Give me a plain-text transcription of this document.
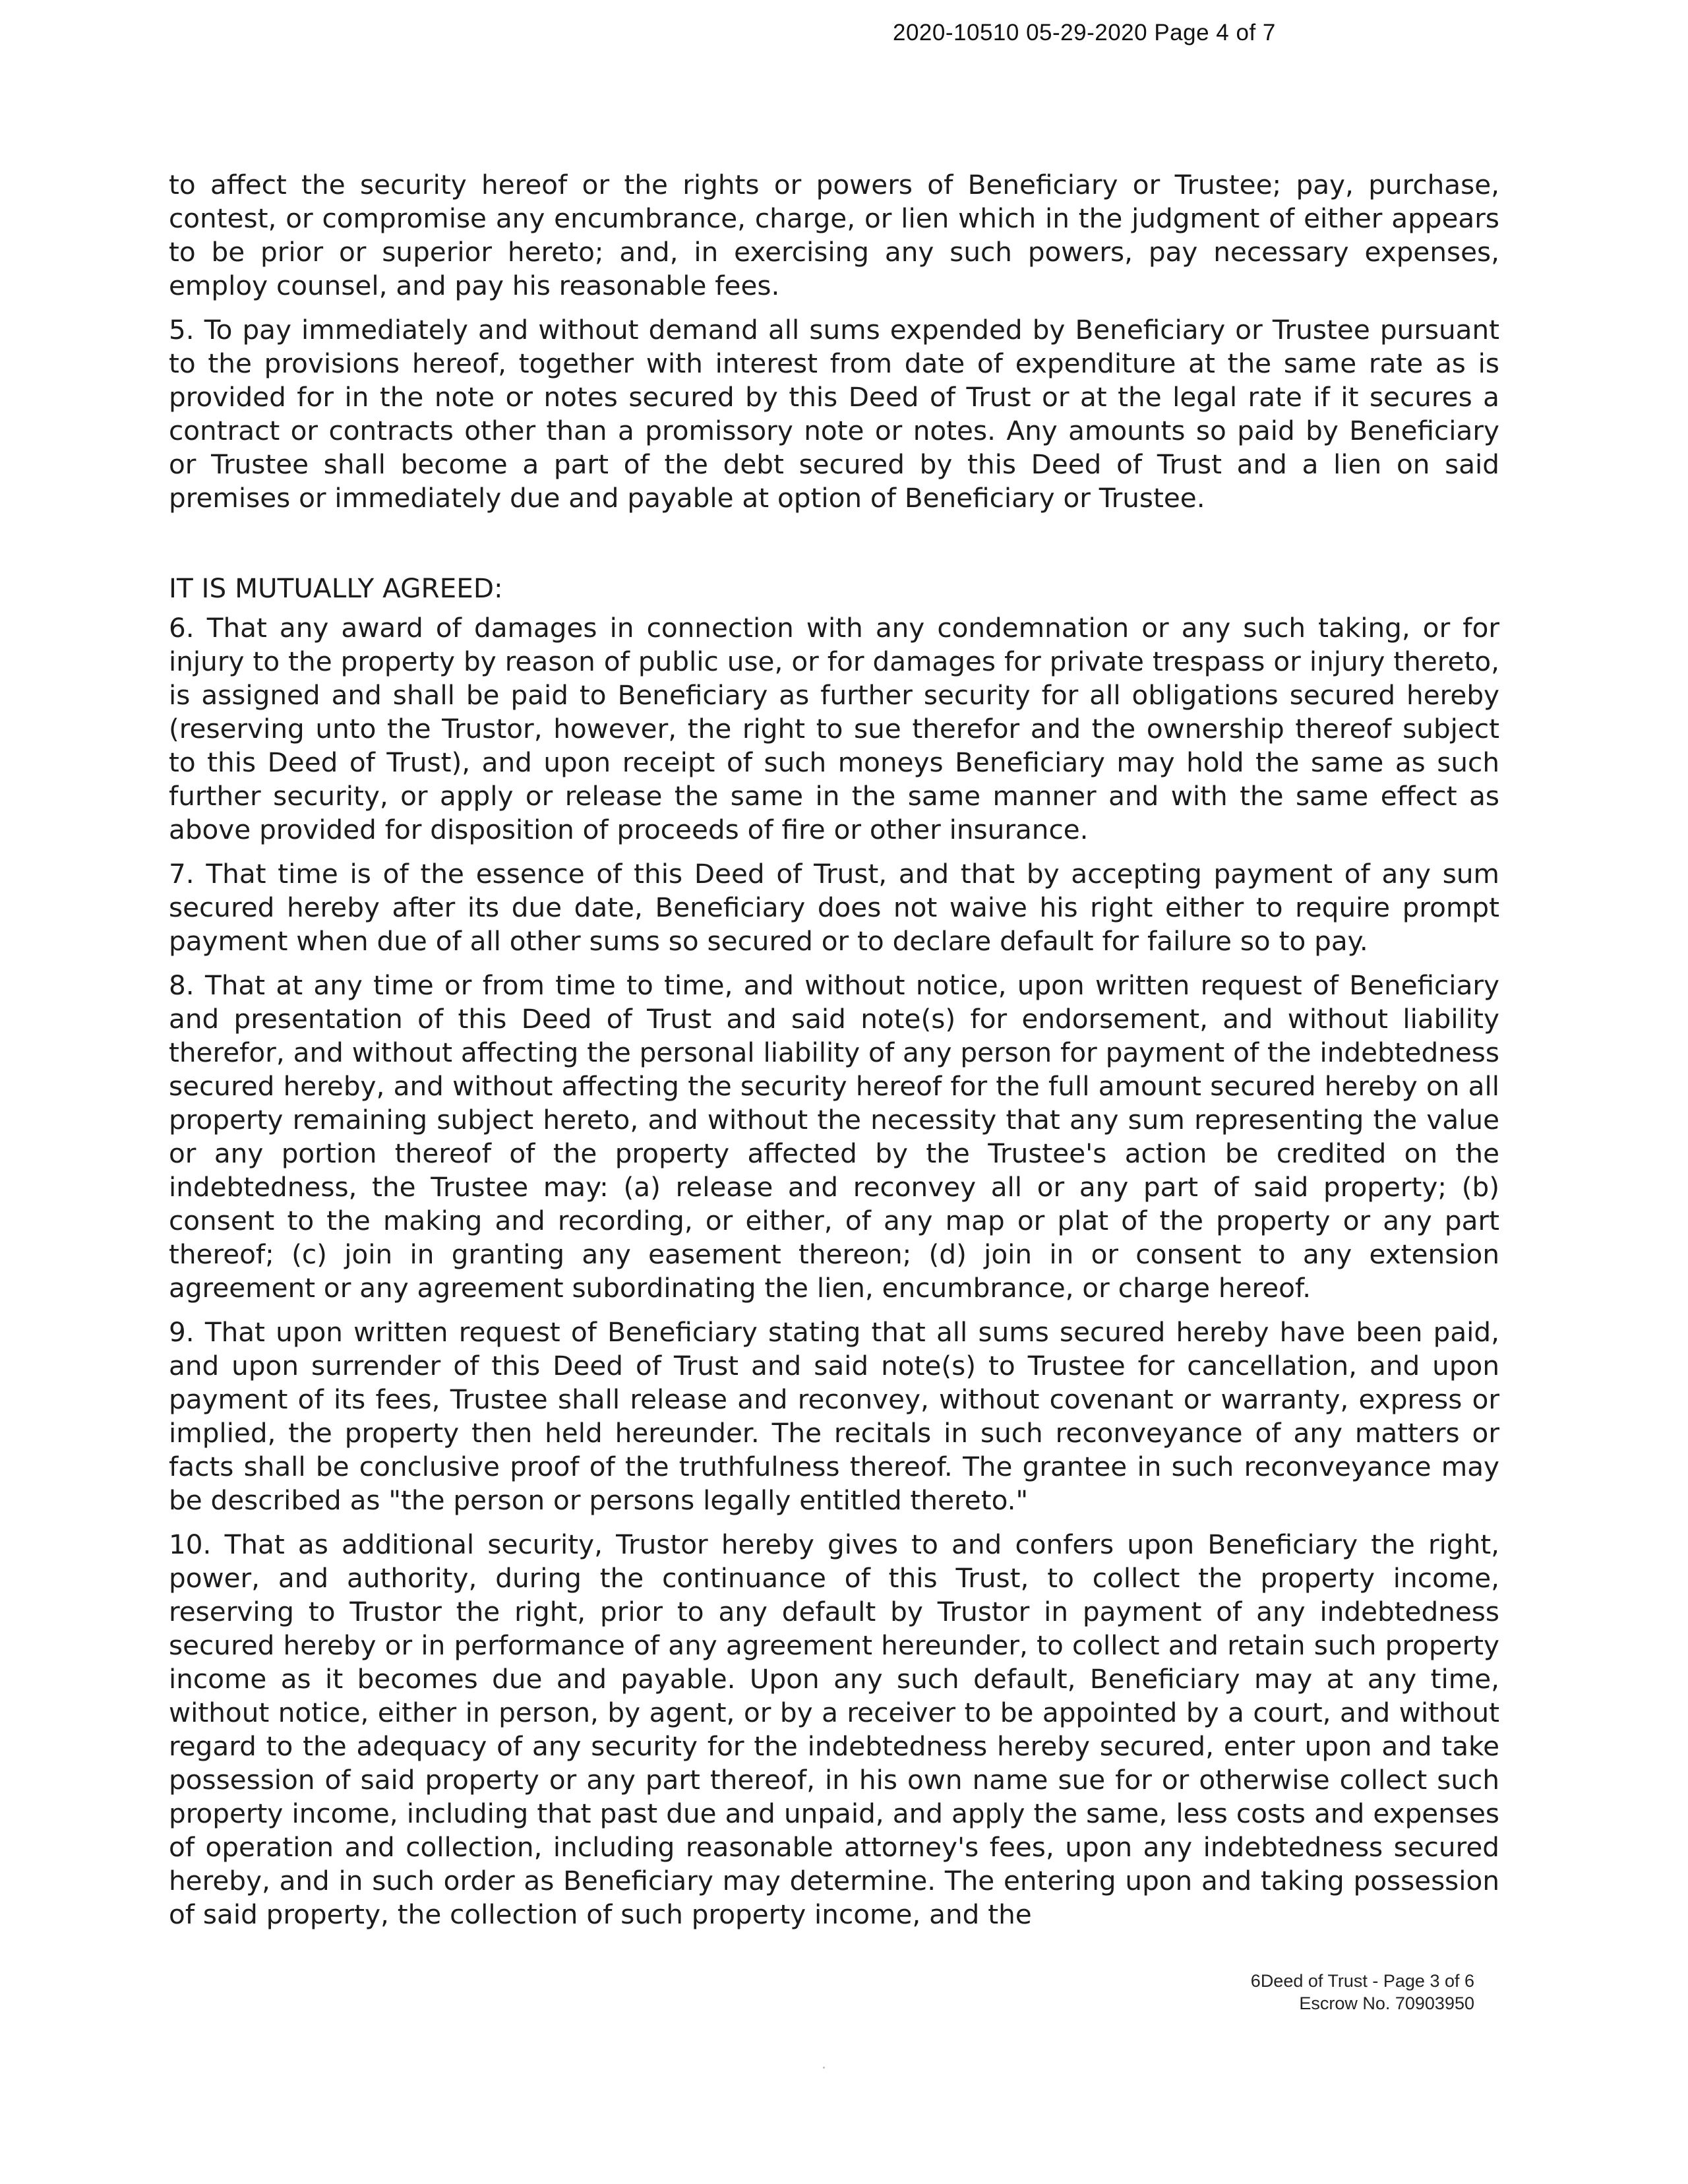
2020-10510 05-29-2020 Page 4 of 7

to affect the security hereof or the rights or powers of Beneficiary or Trustee; pay, purchase, contest, or compromise any encumbrance, charge, or lien which in the judgment of either appears to be prior or superior hereto; and, in exercising any such powers, pay necessary expenses, employ counsel, and pay his reasonable fees.

5. To pay immediately and without demand all sums expended by Beneficiary or Trustee pursuant to the provisions hereof, together with interest from date of expenditure at the same rate as is provided for in the note or notes secured by this Deed of Trust or at the legal rate if it secures a contract or contracts other than a promissory note or notes. Any amounts so paid by Beneficiary or Trustee shall become a part of the debt secured by this Deed of Trust and a lien on said premises or immediately due and payable at option of Beneficiary or Trustee.

IT IS MUTUALLY AGREED:

6. That any award of damages in connection with any condemnation or any such taking, or for injury to the property by reason of public use, or for damages for private trespass or injury thereto, is assigned and shall be paid to Beneficiary as further security for all obligations secured hereby (reserving unto the Trustor, however, the right to sue therefor and the ownership thereof subject to this Deed of Trust), and upon receipt of such moneys Beneficiary may hold the same as such further security, or apply or release the same in the same manner and with the same effect as above provided for disposition of proceeds of fire or other insurance.

7. That time is of the essence of this Deed of Trust, and that by accepting payment of any sum secured hereby after its due date, Beneficiary does not waive his right either to require prompt payment when due of all other sums so secured or to declare default for failure so to pay.

8. That at any time or from time to time, and without notice, upon written request of Beneficiary and presentation of this Deed of Trust and said note(s) for endorsement, and without liability therefor, and without affecting the personal liability of any person for payment of the indebtedness secured hereby, and without affecting the security hereof for the full amount secured hereby on all property remaining subject hereto, and without the necessity that any sum representing the value or any portion thereof of the property affected by the Trustee's action be credited on the indebtedness, the Trustee may: (a) release and reconvey all or any part of said property; (b) consent to the making and recording, or either, of any map or plat of the property or any part thereof; (c) join in granting any easement thereon; (d) join in or consent to any extension agreement or any agreement subordinating the lien, encumbrance, or charge hereof.

9. That upon written request of Beneficiary stating that all sums secured hereby have been paid, and upon surrender of this Deed of Trust and said note(s) to Trustee for cancellation, and upon payment of its fees, Trustee shall release and reconvey, without covenant or warranty, express or implied, the property then held hereunder. The recitals in such reconveyance of any matters or facts shall be conclusive proof of the truthfulness thereof. The grantee in such reconveyance may be described as "the person or persons legally entitled thereto."

10. That as additional security, Trustor hereby gives to and confers upon Beneficiary the right, power, and authority, during the continuance of this Trust, to collect the property income, reserving to Trustor the right, prior to any default by Trustor in payment of any indebtedness secured hereby or in performance of any agreement hereunder, to collect and retain such property income as it becomes due and payable. Upon any such default, Beneficiary may at any time, without notice, either in person, by agent, or by a receiver to be appointed by a court, and without regard to the adequacy of any security for the indebtedness hereby secured, enter upon and take possession of said property or any part thereof, in his own name sue for or otherwise collect such property income, including that past due and unpaid, and apply the same, less costs and expenses of operation and collection, including reasonable attorney's fees, upon any indebtedness secured hereby, and in such order as Beneficiary may determine. The entering upon and taking possession of said property, the collection of such property income, and the

6Deed of Trust - Page 3 of 6
Escrow No. 70903950
